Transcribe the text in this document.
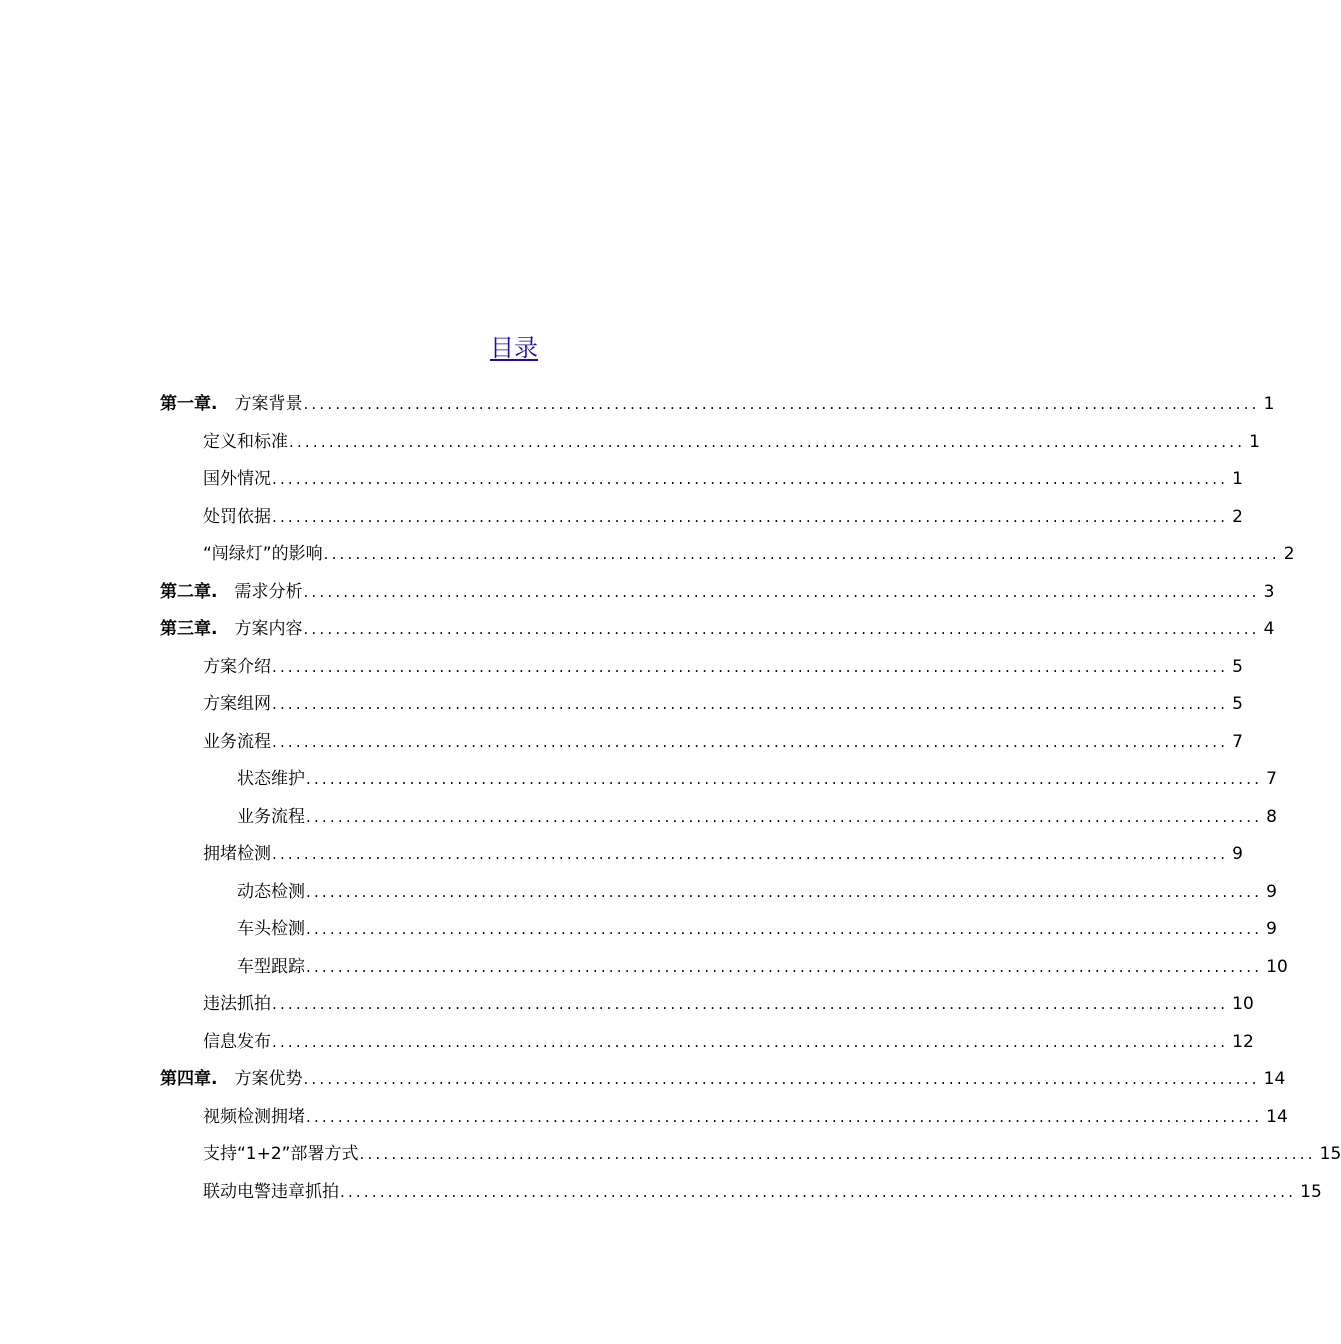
目录
第一章. 方案背景 ........................................................................................................................ 1
定义和标准 ........................................................................................................................ 1
国外情况 ........................................................................................................................ 1
处罚依据 ........................................................................................................................ 2
“闯绿灯”的影响 ........................................................................................................................ 2
第二章. 需求分析 ........................................................................................................................ 3
第三章. 方案内容 ........................................................................................................................ 4
方案介绍 ........................................................................................................................ 5
方案组网 ........................................................................................................................ 5
业务流程 ........................................................................................................................ 7
状态维护 ........................................................................................................................ 7
业务流程 ........................................................................................................................ 8
拥堵检测 ........................................................................................................................ 9
动态检测 ........................................................................................................................ 9
车头检测 ........................................................................................................................ 9
车型跟踪 ........................................................................................................................ 10
违法抓拍 ........................................................................................................................ 10
信息发布 ........................................................................................................................ 12
第四章. 方案优势 ........................................................................................................................ 14
视频检测拥堵 ........................................................................................................................ 14
支持“1+2”部署方式 ........................................................................................................................ 15
联动电警违章抓拍 ........................................................................................................................ 15
